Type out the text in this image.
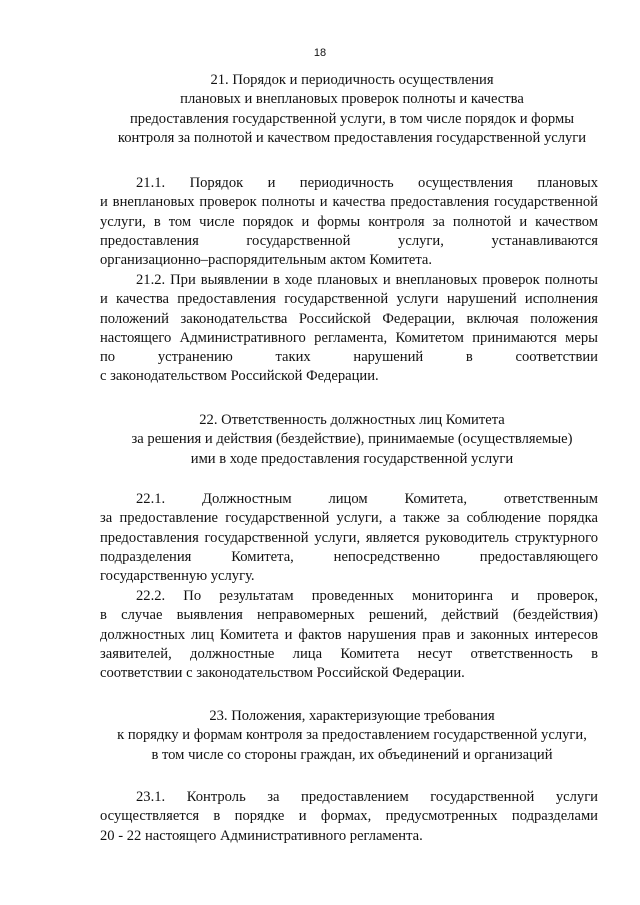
18
21. Порядок и периодичность осуществления
плановых и внеплановых проверок полноты и качества
предоставления государственной услуги, в том числе порядок и формы
контроля за полнотой и качеством предоставления государственной услуги
21.1. Порядок и периодичность осуществления плановых
и внеплановых проверок полноты и качества предоставления государственной
услуги, в том числе порядок и формы контроля за полнотой и качеством
предоставления государственной услуги, устанавливаются
организационно–распорядительным актом Комитета.
21.2. При выявлении в ходе плановых и внеплановых проверок полноты
и качества предоставления государственной услуги нарушений исполнения
положений законодательства Российской Федерации, включая положения
настоящего Административного регламента, Комитетом принимаются меры
по устранению таких нарушений в соответствии
с законодательством Российской Федерации.
22. Ответственность должностных лиц Комитета
за решения и действия (бездействие), принимаемые (осуществляемые)
ими в ходе предоставления государственной услуги
22.1. Должностным лицом Комитета, ответственным
за предоставление государственной услуги, а также за соблюдение порядка
предоставления государственной услуги, является руководитель структурного
подразделения Комитета, непосредственно предоставляющего
государственную услугу.
22.2. По результатам проведенных мониторинга и проверок,
в случае выявления неправомерных решений, действий (бездействия)
должностных лиц Комитета и фактов нарушения прав и законных интересов
заявителей, должностные лица Комитета несут ответственность в
соответствии с законодательством Российской Федерации.
23. Положения, характеризующие требования
к порядку и формам контроля за предоставлением государственной услуги,
в том числе со стороны граждан, их объединений и организаций
23.1. Контроль за предоставлением государственной услуги
осуществляется в порядке и формах, предусмотренных подразделами
20 - 22 настоящего Административного регламента.
